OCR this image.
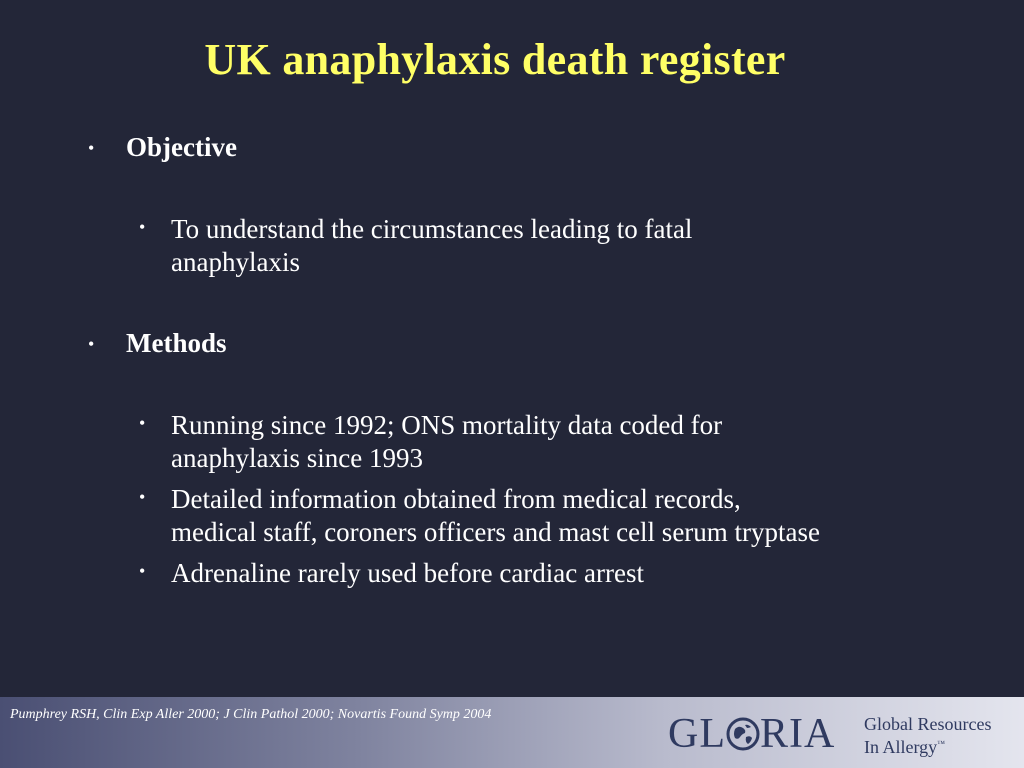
UK anaphylaxis death register
• Objective
• To understand the circumstances leading to fatal
anaphylaxis
• Methods
• Running since 1992; ONS mortality data coded for
anaphylaxis since 1993
• Detailed information obtained from medical records,
medical staff, coroners officers and mast cell serum tryptase
• Adrenaline rarely used before cardiac arrest
Pumphrey RSH, Clin Exp Aller 2000; J Clin Pathol 2000; Novartis Found Symp 2004	GL RIA Global Resources
In Allergy™
